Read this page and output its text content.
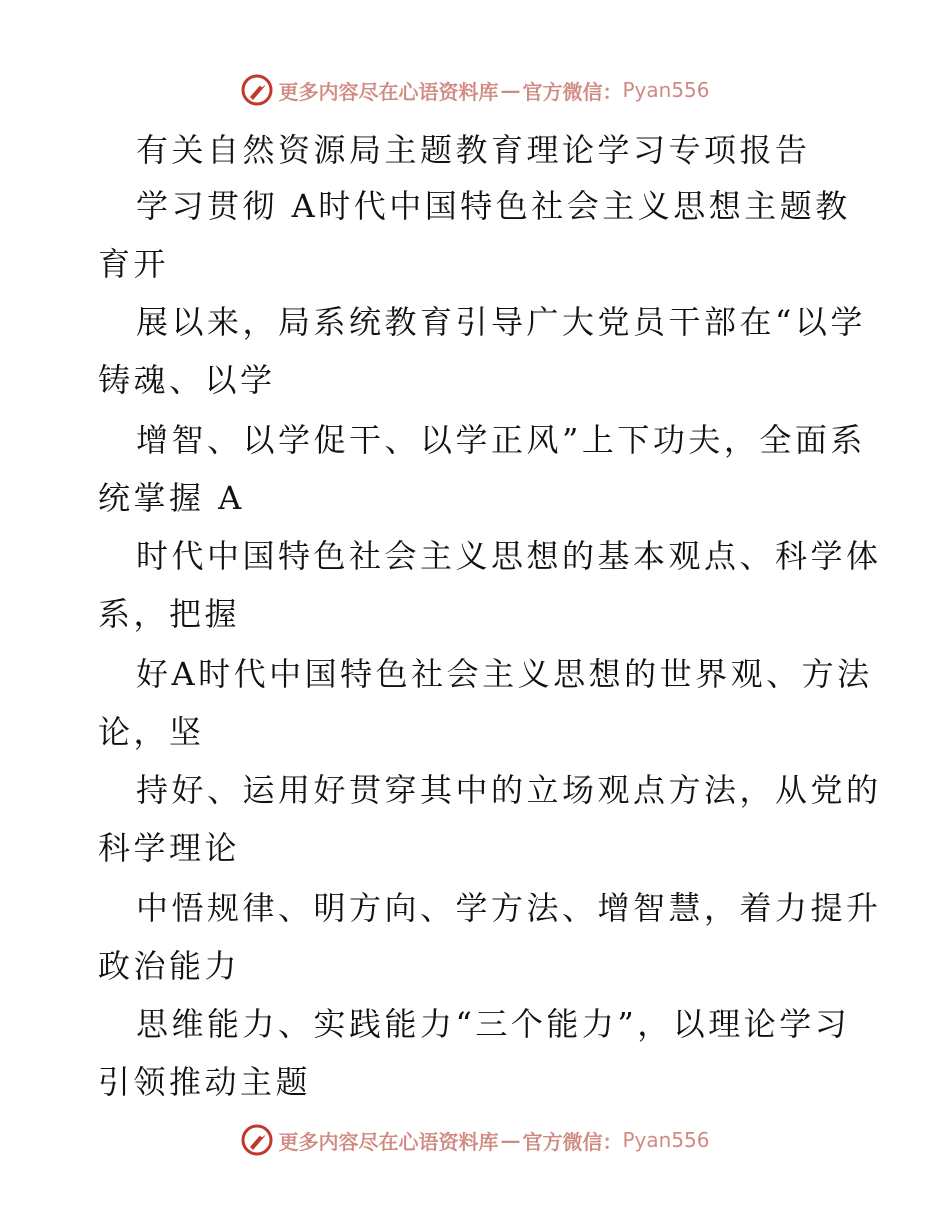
更多内容尽在心语资料库 — 官方微信： Pyan556
有关自然资源局主题教育理论学习专项报告
学习贯彻 A时代中国特色社会主义思想主题教
育开
展以来，局系统教育引导广大党员干部在“以学
铸魂、以学
增智、以学促干、以学正风”上下功夫，全面系
统掌握 A
时代中国特色社会主义思想的基本观点、科学体
系，把握
好A时代中国特色社会主义思想的世界观、方法
论，坚
持好、运用好贯穿其中的立场观点方法，从党的
科学理论
中悟规律、明方向、学方法、增智慧，着力提升
政治能力
思维能力、实践能力“三个能力”，以理论学习
引领推动主题
更多内容尽在心语资料库 — 官方微信： Pyan556
